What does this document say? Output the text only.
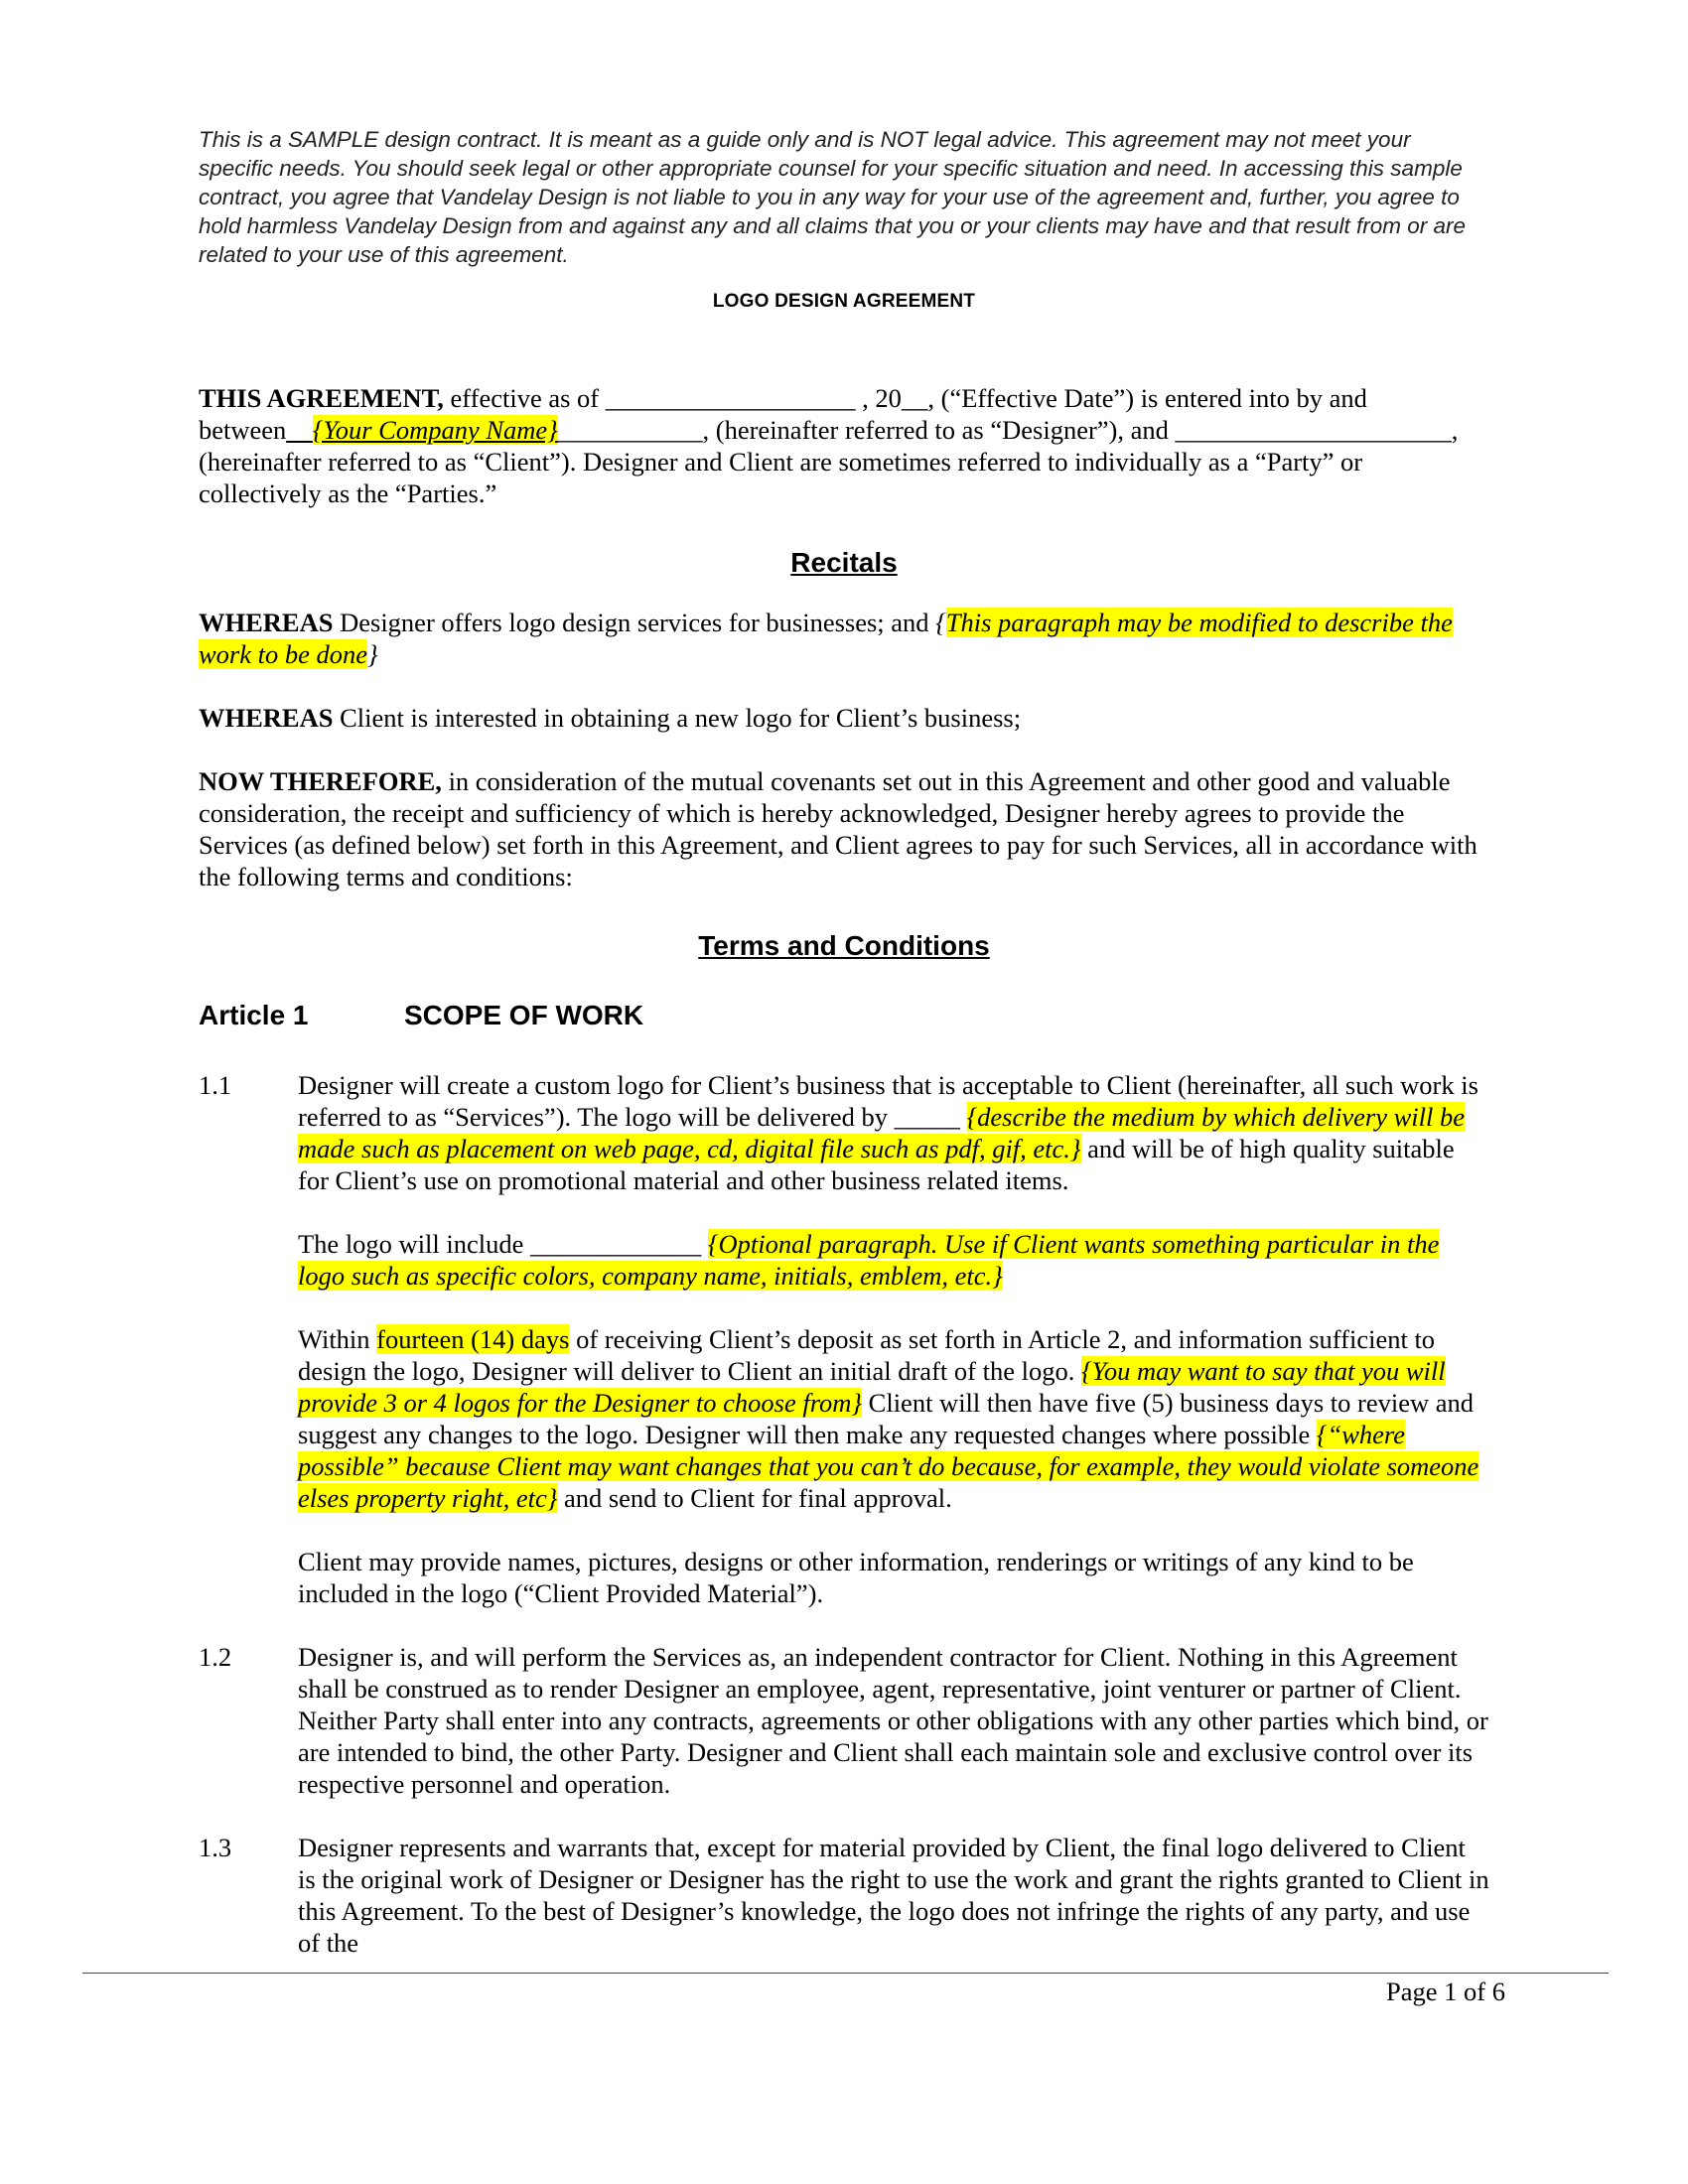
This is a SAMPLE design contract. It is meant as a guide only and is NOT legal advice. This agreement may not meet your specific needs. You should seek legal or other appropriate counsel for your specific situation and need. In accessing this sample contract, you agree that Vandelay Design is not liable to you in any way for your use of the agreement and, further, you agree to hold harmless Vandelay Design from and against any and all claims that you or your clients may have and that result from or are related to your use of this agreement.

LOGO DESIGN AGREEMENT

THIS AGREEMENT, effective as of ___________________ , 20__, (“Effective Date”) is entered into by and between__{Your Company Name}___________, (hereinafter referred to as “Designer”), and _____________________, (hereinafter referred to as “Client”). Designer and Client are sometimes referred to individually as a “Party” or collectively as the “Parties.”

Recitals

WHEREAS Designer offers logo design services for businesses; and {This paragraph may be modified to describe the work to be done}

WHEREAS Client is interested in obtaining a new logo for Client’s business;

NOW THEREFORE, in consideration of the mutual covenants set out in this Agreement and other good and valuable consideration, the receipt and sufficiency of which is hereby acknowledged, Designer hereby agrees to provide the Services (as defined below) set forth in this Agreement, and Client agrees to pay for such Services, all in accordance with the following terms and conditions:

Terms and Conditions
Article 1	SCOPE OF WORK
1.1	Designer will create a custom logo for Client’s business that is acceptable to Client (hereinafter, all such work is referred to as “Services”). The logo will be delivered by _____ {describe the medium by which delivery will be made such as placement on web page, cd, digital file such as pdf, gif, etc.} and will be of high quality suitable for Client’s use on promotional material and other business related items.

The logo will include _____________ {Optional paragraph. Use if Client wants something particular in the logo such as specific colors, company name, initials, emblem, etc.}

Within fourteen (14) days of receiving Client’s deposit as set forth in Article 2, and information sufficient to design the logo, Designer will deliver to Client an initial draft of the logo. {You may want to say that you will provide 3 or 4 logos for the Designer to choose from} Client will then have five (5) business days to review and suggest any changes to the logo. Designer will then make any requested changes where possible {“where possible” because Client may want changes that you can’t do because, for example, they would violate someone elses property right, etc} and send to Client for final approval.

Client may provide names, pictures, designs or other information, renderings or writings of any kind to be included in the logo (“Client Provided Material”).

1.2	Designer is, and will perform the Services as, an independent contractor for Client. Nothing in this Agreement shall be construed as to render Designer an employee, agent, representative, joint venturer or partner of Client. Neither Party shall enter into any contracts, agreements or other obligations with any other parties which bind, or are intended to bind, the other Party. Designer and Client shall each maintain sole and exclusive control over its respective personnel and operation.
1.3	Designer represents and warrants that, except for material provided by Client, the final logo delivered to Client is the original work of Designer or Designer has the right to use the work and grant the rights granted to Client in this Agreement. To the best of Designer’s knowledge, the logo does not infringe the rights of any party, and use of the
Page 1 of 6
